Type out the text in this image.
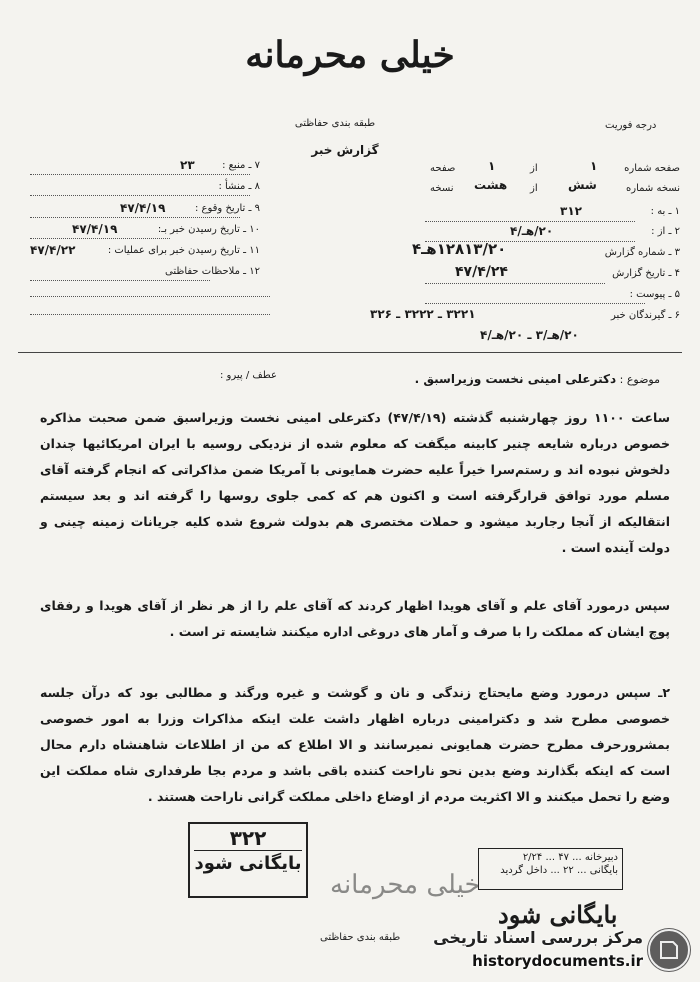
خیلی محرمانه
طبقه بندی حفاظتی	درجه فوریت
گزارش خبر
۷ ـ منبع :
۲۳
۸ ـ منشأ :
۹ ـ تاریخ وقوع :
۴۷/۴/۱۹
۱۰ ـ تاریخ رسیدن خبر بـ:
۴۷/۴/۱۹
۱۱ ـ تاریخ رسیدن خبر برای عملیات :
۴۷/۴/۲۲
۱۲ ـ ملاحظات حفاظتی
صفحه شماره
۱
از
۱
صفحه
نسخه شماره
شش
از
هشت
نسخه
۱ ـ به :
۳۱۲
۲ ـ از :
۲۰/هـ/۴
۳ ـ شماره گزارش
۱۲۸۱۳/۲۰هـ۴
۴ ـ تاریخ گزارش
۴۷/۴/۲۴
۵ ـ پیوست :
۶ ـ گیرندگان خبر
۳۲۲۱ ـ ۳۲۲۲ ـ ۳۲۶
۲۰/هـ/۳ ـ ۲۰/هـ/۴
موضوع : دکترعلی امینی نخست وزیراسبق .
عطف / پیرو :
ساعت ۱۱۰۰ روز چهارشنبه گذشته (۴۷/۴/۱۹) دکترعلی امینی نخست وزیراسبق ضمن صحبت مذاکره خصوص درباره شایعه چنیر کابینه میگفت که معلوم شده از نزدیکی روسیه با ایران امریکائیها چندان دلخوش نبوده اند و رستم‌سرا خیراً علیه حضرت همایونی با آمریکا ضمن مذاکراتی که انجام گرفته آقای مسلم مورد توافق قرارگرفته است و اکنون هم که کمی جلوی روسها را گرفته اند و بعد سیستم انتقالیکه از آنجا رجاربد میشود و حملات مختصری هم بدولت شروع شده کلیه جریانات زمینه چینی و دولت آینده است .
سپس درمورد آقای علم و آقای هویدا اظهار کردند که آقای علم را از هر نظر از آقای هویدا و رفقای پوچ ایشان که مملکت را با صرف و آمار های دروغی اداره میکنند شایسته تر است .
۲ـ سپس درمورد وضع مایحتاج زندگی و نان و گوشت و غیره ورگند و مطالبی بود که درآن جلسه خصوصی مطرح شد و دکترامینی درباره اظهار داشت علت اینکه مذاکرات وزرا به امور خصوصی بمشرورحرف مطرح حضرت همایونی نمیرسانند و الا اطلاع که من از اطلاعات شاهنشاه دارم محال است که اینکه بگذارند وضع بدین نحو ناراحت کننده باقی باشد و مردم بجا طرفداری شاه مملکت این وضع را تحمل میکنند و الا اکثریت مردم از اوضاع داخلی مملکت گرانی ناراحت هستند .
۳۲۲
بایگانی شود
خیلی محرمانه
دبیرخانه ... ۴۷ ... ۲/۲۴
بایگانی ... ۲۲ ... داخل گردید
بایگانی شود
طبقه بندی حفاظتی مرکز بررسی اسناد تاریخی
historydocuments.ir
